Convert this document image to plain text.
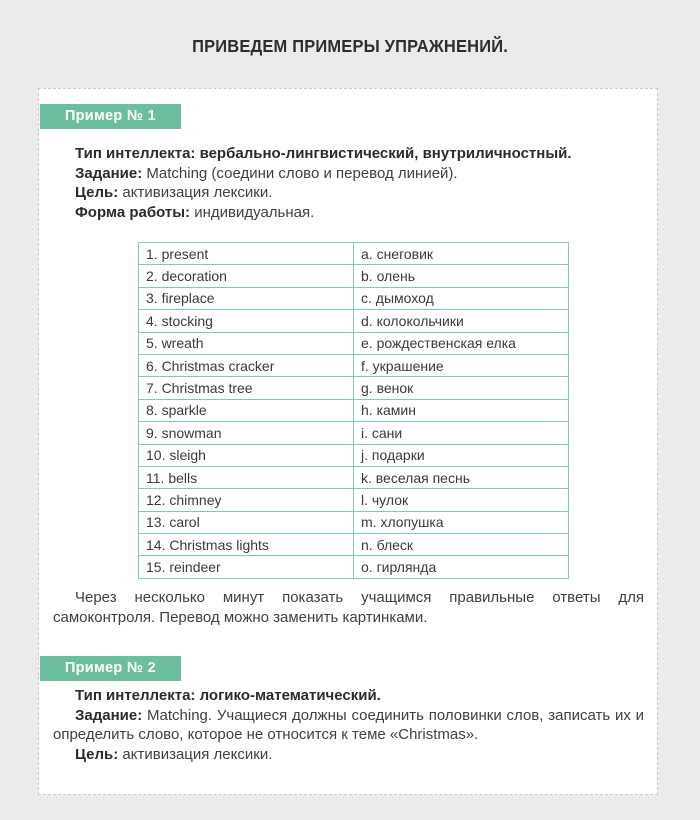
ПРИВЕДЕМ ПРИМЕРЫ УПРАЖНЕНИЙ.
Пример № 1

Тип интеллекта: вербально-лингвистический, внутриличностный.

Задание: Matching (соедини слово и перевод линией).

Цель: активизация лексики.

Форма работы: индивидуальная.

1. present	a. снеговик
2. decoration	b. олень
3. fireplace	c. дымоход
4. stocking	d. колокольчики
5. wreath	e. рождественская елка
6. Christmas cracker	f. украшение
7. Christmas tree	g. венок
8. sparkle	h. камин
9. snowman	i. сани
10. sleigh	j. подарки
11. bells	k. веселая песнь
12. chimney	l. чулок
13. carol	m. хлопушка
14. Christmas lights	n. блеск
15. reindeer	o. гирлянда

Через несколько минут показать учащимся правильные ответы для самоконтроля. Перевод можно заменить картинками.

Пример № 2

Тип интеллекта: логико-математический.

Задание: Matching. Учащиеся должны соединить половинки слов, записать их и определить слово, которое не относится к теме «Christmas».

Цель: активизация лексики.
